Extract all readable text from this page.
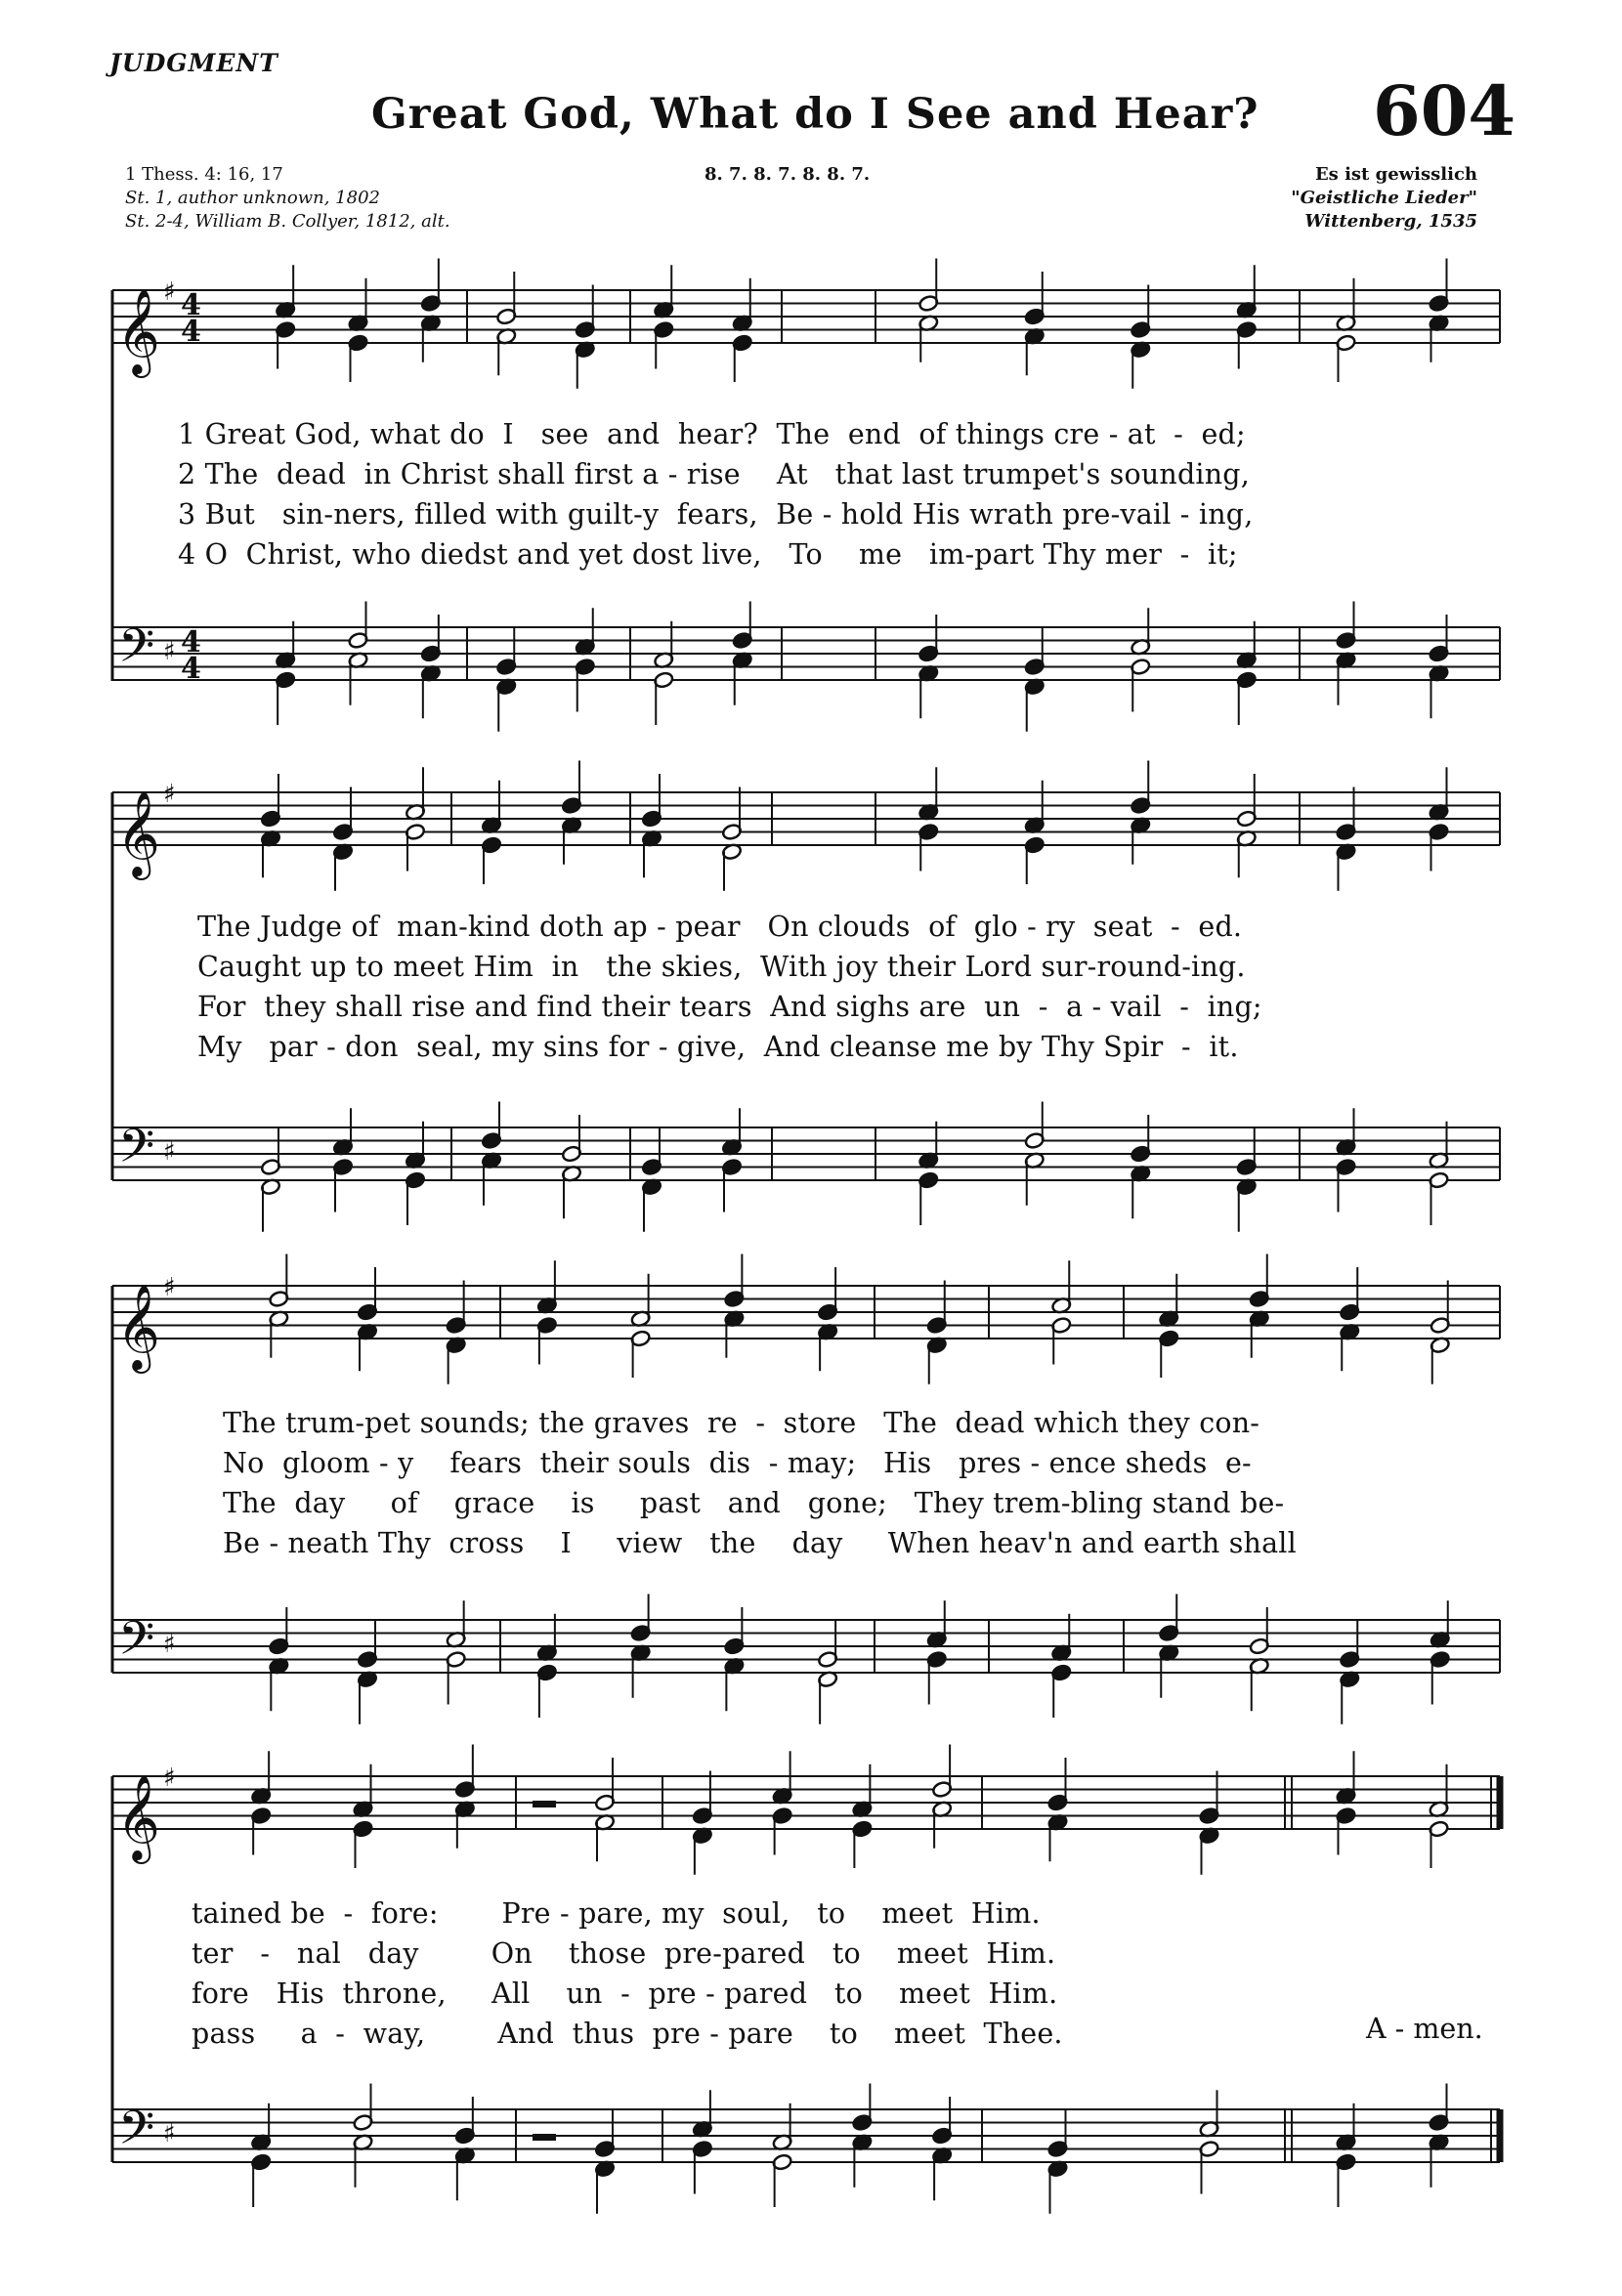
JUDGMENT
Great God, What do I See and Hear? 604
1 Thess. 4: 16, 17
St. 1, author unknown, 1802
St. 2-4, William B. Collyer, 1812, alt.
8. 7. 8. 7. 8. 8. 7.	Es ist gewisslich
"Geistliche Lieder"
Wittenberg, 1535
𝄞 ♯ 4
4
𝄢 ♯ 4
4
𝄞 ♯
𝄢 ♯
𝄞 ♯
𝄢 ♯
𝄞 ♯
𝄢 ♯
1 Great God, what do  I   see  and  hear?  The  end  of things cre - at  -  ed;
2 The  dead  in Christ shall first a - rise    At   that last trumpet's sounding,
3 But   sin-ners, filled with guilt-y  fears,  Be - hold His wrath pre-vail - ing,
4 O  Christ, who diedst and yet dost live,   To    me   im-part Thy mer  -  it;
The Judge of  man-kind doth ap - pear   On clouds  of  glo - ry  seat  -  ed.
Caught up to meet Him  in   the skies,  With joy their Lord sur-round-ing.
For  they shall rise and find their tears  And sighs are  un  -  a - vail  -  ing;
My   par - don  seal, my sins for - give,  And cleanse me by Thy Spir  -  it.
The trum-pet sounds; the graves  re  -  store   The  dead which they con-
No  gloom - y    fears  their souls  dis  - may;   His   pres - ence sheds  e-
The  day     of    grace    is     past   and   gone;   They trem-bling stand be-
Be - neath Thy  cross    I     view   the    day     When heav'n and earth shall
tained be  -  fore:       Pre - pare, my  soul,   to    meet  Him.
ter   -   nal   day        On    those  pre-pared   to    meet  Him.
fore   His  throne,     All    un  -  pre - pared   to    meet  Him.
pass     a  -  way,        And  thus  pre - pare    to    meet  Thee.	A - men.
